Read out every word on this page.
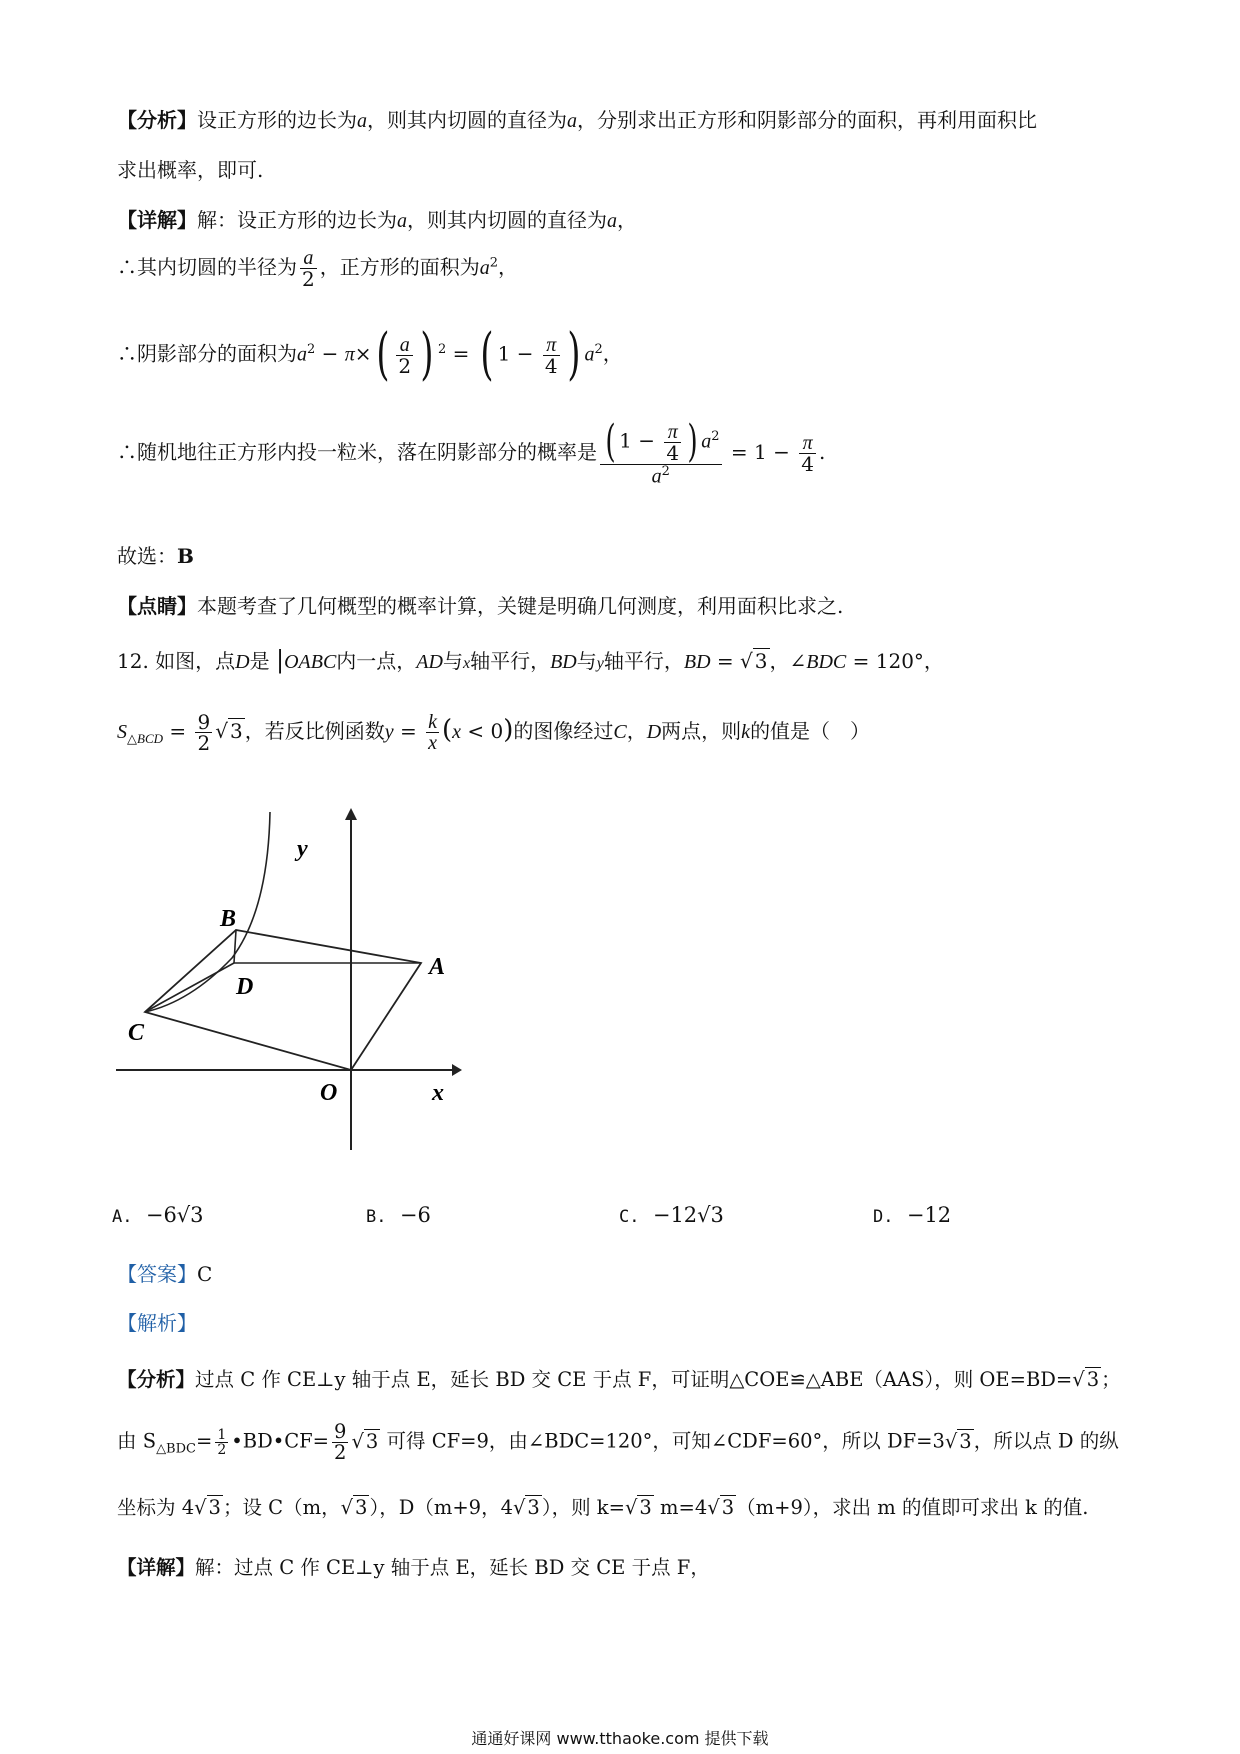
【分析】设正方形的边长为a，则其内切圆的直径为a，分别求出正方形和阴影部分的面积，再利用面积比
求出概率，即可.
【详解】解：设正方形的边长为a，则其内切圆的直径为a，
∴其内切圆的半径为 $\frac{a}{2}$ ，正方形的面积为$a^2$，
∴阴影部分的面积为$a^2 - \pi\times( \frac{a}{2}$ ) $^2$ = ( $1 - \frac{\pi}{4}$ ) $a^2$，
∴随机地往正方形内投一粒米，落在阴影部分的概率是 $\frac{( 1 - \frac{\pi}{4} ) a^2}{a^2} = 1 - \frac{\pi}{4}$ .
故选：B
【点睛】本题考查了几何概型的概率计算，关键是明确几何测度，利用面积比求之.
12. 如图，点D是 |OABC内一点，AD与x轴平行，BD与y轴平行，BD = √ 3 ，∠BDC = 120°，
$S_{\triangle BCD} = \frac{9}{2}$ √ 3 ，若反比例函数$y = \frac{k}{x} (x < 0)$的图像经过C，D两点，则k的值是（　）
y
x
O
A
B
C
D
A. −6√3	B. −6	C. −12√3	D. −12
【答案】C
【解析】
【分析】过点 C 作 CE⊥y 轴于点 E，延长 BD 交 CE 于点 F，可证明△COE≌△ABE（AAS），则 OE=BD=√ 3 ；
由 $S_{\triangle BDC}= \frac{1}{2}$ •BD•CF= $\frac{9}{2}$ √ 3 可得 CF=9，由∠BDC=120°，可知∠CDF=60°，所以 DF=3√ 3 ，所以点 D 的纵
坐标为 4√ 3 ；设 C（m，√ 3 ），D（m+9，4√ 3 ），则 k=√ 3 m=4√ 3 （m+9），求出 m 的值即可求出 k 的值.
【详解】解：过点 C 作 CE⊥y 轴于点 E，延长 BD 交 CE 于点 F，
通通好课网 www.tthaoke.com 提供下载
